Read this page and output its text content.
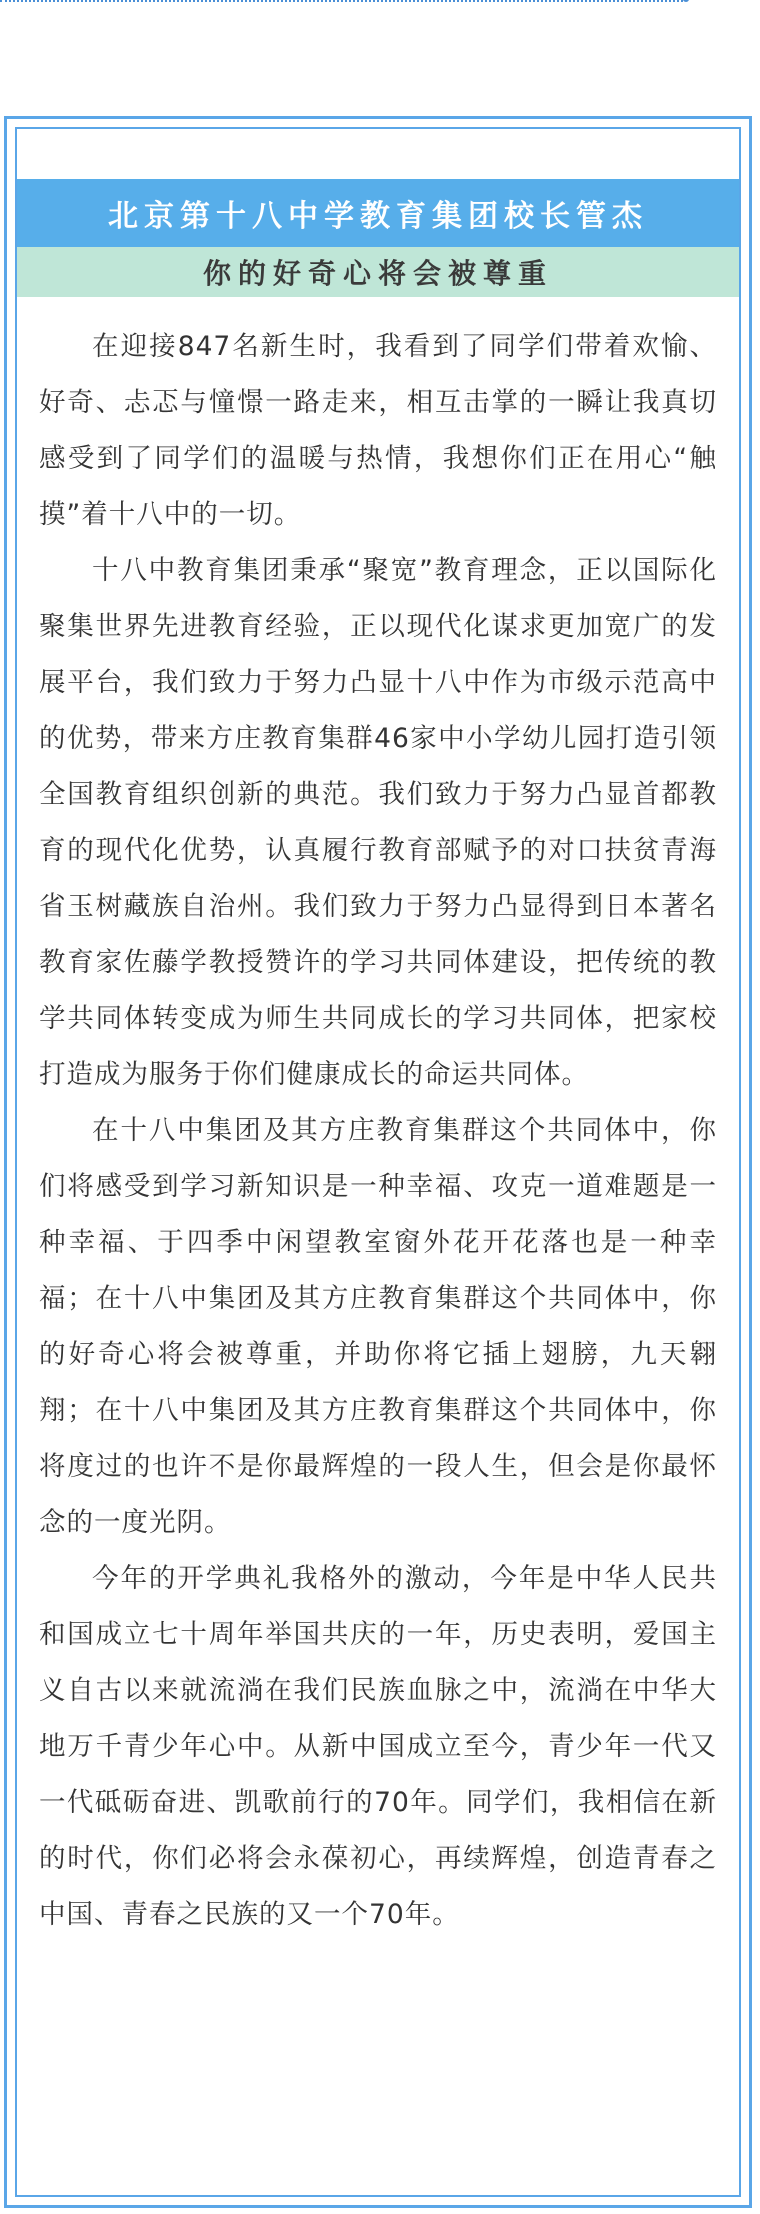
北京第十八中学教育集团校长管杰
你的好奇心将会被尊重

在迎接847名新生时，我看到了同学们带着欢愉、好奇、忐忑与憧憬一路走来，相互击掌的一瞬让我真切感受到了同学们的温暖与热情，我想你们正在用心“触摸”着十八中的一切。

十八中教育集团秉承“聚宽”教育理念，正以国际化聚集世界先进教育经验，正以现代化谋求更加宽广的发展平台，我们致力于努力凸显十八中作为市级示范高中的优势，带来方庄教育集群46家中小学幼儿园打造引领全国教育组织创新的典范。我们致力于努力凸显首都教育的现代化优势，认真履行教育部赋予的对口扶贫青海省玉树藏族自治州。我们致力于努力凸显得到日本著名教育家佐藤学教授赞许的学习共同体建设，把传统的教学共同体转变成为师生共同成长的学习共同体，把家校打造成为服务于你们健康成长的命运共同体。

在十八中集团及其方庄教育集群这个共同体中，你们将感受到学习新知识是一种幸福、攻克一道难题是一种幸福、于四季中闲望教室窗外花开花落也是一种幸福；在十八中集团及其方庄教育集群这个共同体中，你的好奇心将会被尊重，并助你将它插上翅膀，九天翱翔；在十八中集团及其方庄教育集群这个共同体中，你将度过的也许不是你最辉煌的一段人生，但会是你最怀念的一度光阴。

今年的开学典礼我格外的激动，今年是中华人民共和国成立七十周年举国共庆的一年，历史表明，爱国主义自古以来就流淌在我们民族血脉之中，流淌在中华大地万千青少年心中。从新中国成立至今，青少年一代又一代砥砺奋进、凯歌前行的70年。同学们，我相信在新的时代，你们必将会永葆初心，再续辉煌，创造青春之中国、青春之民族的又一个70年。
